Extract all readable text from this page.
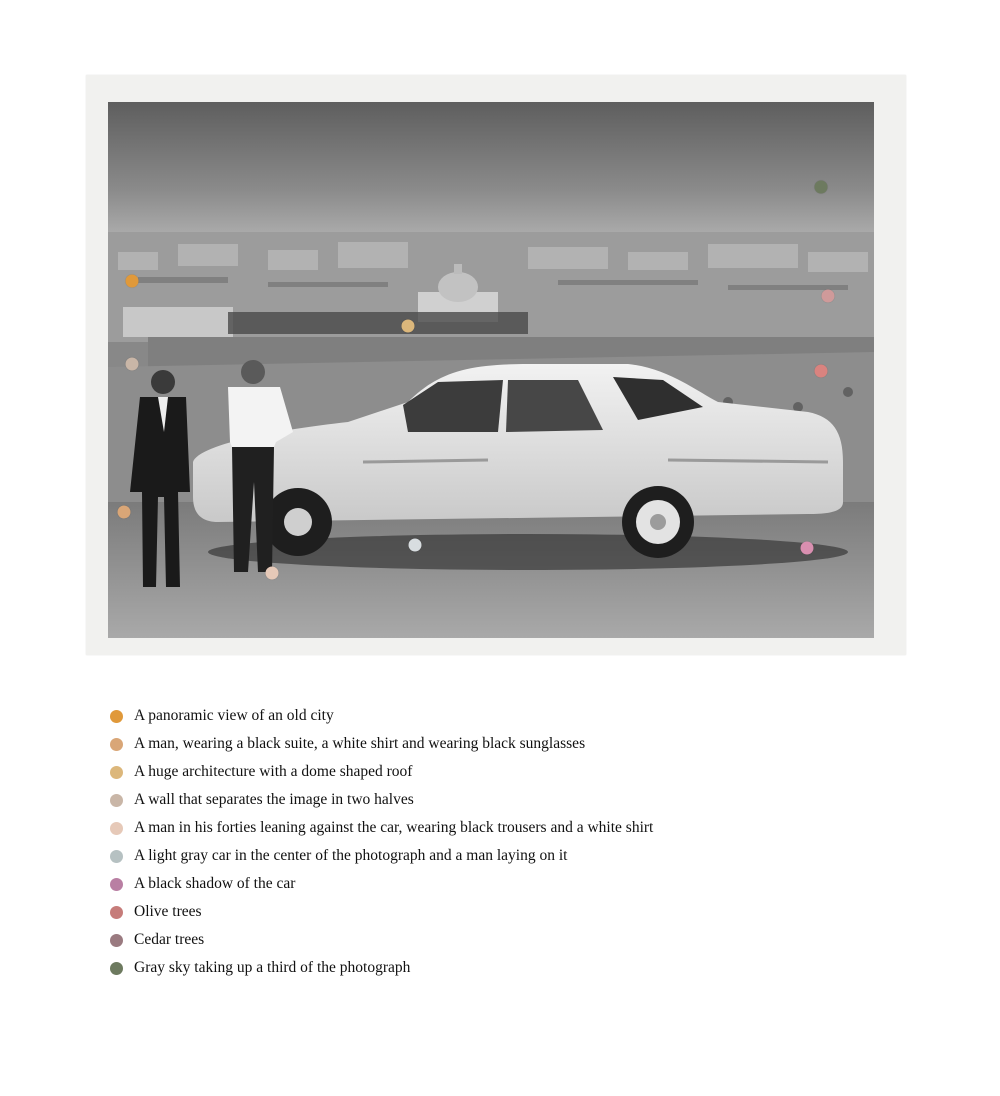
A panoramic view of an old city
A man, wearing a black suite, a white shirt and wearing black sunglasses
A huge architecture with a dome shaped roof
A wall that separates the image in two halves
A man in his forties leaning against the car, wearing black trousers and a white shirt
A light gray car in the center of the photograph and a man laying on it
A black shadow of the car
Olive trees
Cedar trees
Gray sky taking up a third of the photograph
